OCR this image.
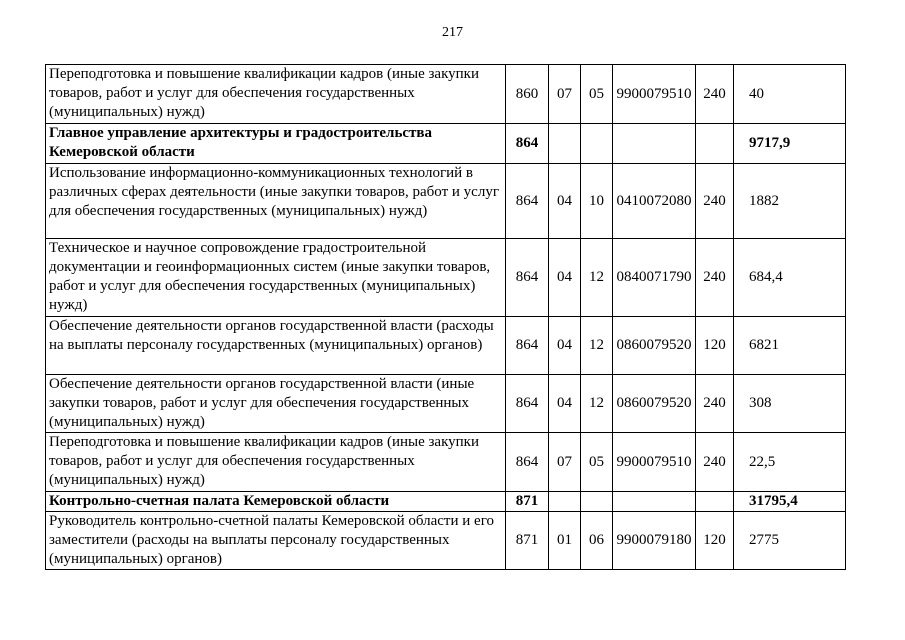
217
Переподготовка и повышение квалификации кадров (иные закупки
товаров, работ и услуг для обеспечения государственных
(муниципальных) нужд)	860	07	05	9900079510	240	40

Главное управление архитектуры и градостроительства
Кемеровской области	864					9717,9

Использование информационно-коммуникационных технологий в
различных сферах деятельности (иные закупки товаров, работ и услуг
для обеспечения государственных (муниципальных) нужд)	864	04	10	0410072080	240	1882

Техническое и научное сопровождение градостроительной
документации и геоинформационных систем (иные закупки товаров,
работ и услуг для обеспечения государственных (муниципальных)
нужд)	864	04	12	0840071790	240	684,4

Обеспечение деятельности органов государственной власти (расходы
на выплаты персоналу государственных (муниципальных) органов)	864	04	12	0860079520	120	6821

Обеспечение деятельности органов государственной власти (иные
закупки товаров, работ и услуг для обеспечения государственных
(муниципальных) нужд)	864	04	12	0860079520	240	308

Переподготовка и повышение квалификации кадров (иные закупки
товаров, работ и услуг для обеспечения государственных
(муниципальных) нужд)	864	07	05	9900079510	240	22,5

Контрольно-счетная палата Кемеровской области	871					31795,4

Руководитель контрольно-счетной палаты Кемеровской области и его
заместители (расходы на выплаты персоналу государственных
(муниципальных) органов)	871	01	06	9900079180	120	2775
